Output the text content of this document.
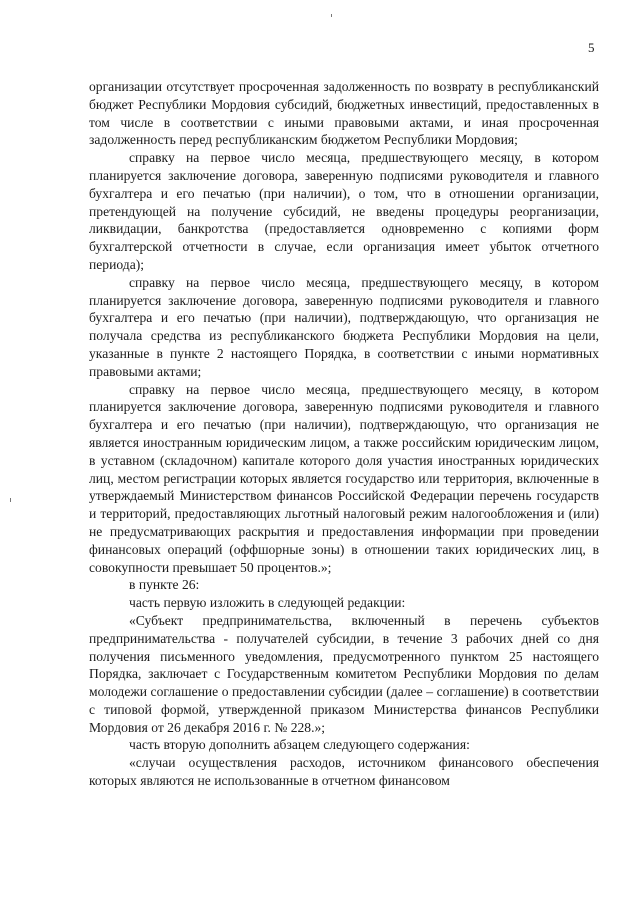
5

организации отсутствует просроченная задолженность по возврату в республиканский бюджет Республики Мордовия субсидий, бюджетных инвестиций, предоставленных в том числе в соответствии с иными правовыми актами, и иная просроченная задолженность перед республиканским бюджетом Республики Мордовия;

справку на первое число месяца, предшествующего месяцу, в котором планируется заключение договора, заверенную подписями руководителя и главного бухгалтера и его печатью (при наличии), о том, что в отношении организации, претендующей на получение субсидий, не введены процедуры реорганизации, ликвидации, банкротства (предоставляется одновременно с копиями форм бухгалтерской отчетности в случае, если организация имеет убыток отчетного периода);

справку на первое число месяца, предшествующего месяцу, в котором планируется заключение договора, заверенную подписями руководителя и главного бухгалтера и его печатью (при наличии), подтверждающую, что организация не получала средства из республиканского бюджета Республики Мордовия на цели, указанные в пункте 2 настоящего Порядка, в соответствии с иными нормативных правовыми актами;

справку на первое число месяца, предшествующего месяцу, в котором планируется заключение договора, заверенную подписями руководителя и главного бухгалтера и его печатью (при наличии), подтверждающую, что организация не является иностранным юридическим лицом, а также российским юридическим лицом, в уставном (складочном) капитале которого доля участия иностранных юридических лиц, местом регистрации которых является государство или территория, включенные в утверждаемый Министерством финансов Российской Федерации перечень государств и территорий, предоставляющих льготный налоговый режим налогообложения и (или) не предусматривающих раскрытия и предоставления информации при проведении финансовых операций (оффшорные зоны) в отношении таких юридических лиц, в совокупности превышает 50 процентов.»;

в пункте 26:

часть первую изложить в следующей редакции:

«Субъект предпринимательства, включенный в перечень субъектов предпринимательства - получателей субсидии, в течение 3 рабочих дней со дня получения письменного уведомления, предусмотренного пунктом 25 настоящего Порядка, заключает с Государственным комитетом Республики Мордовия по делам молодежи соглашение о предоставлении субсидии (далее – соглашение) в соответствии с типовой формой, утвержденной приказом Министерства финансов Республики Мордовия от 26 декабря 2016 г. № 228.»;

часть вторую дополнить абзацем следующего содержания:

«случаи осуществления расходов, источником финансового обеспечения которых являются не использованные в отчетном финансовом
